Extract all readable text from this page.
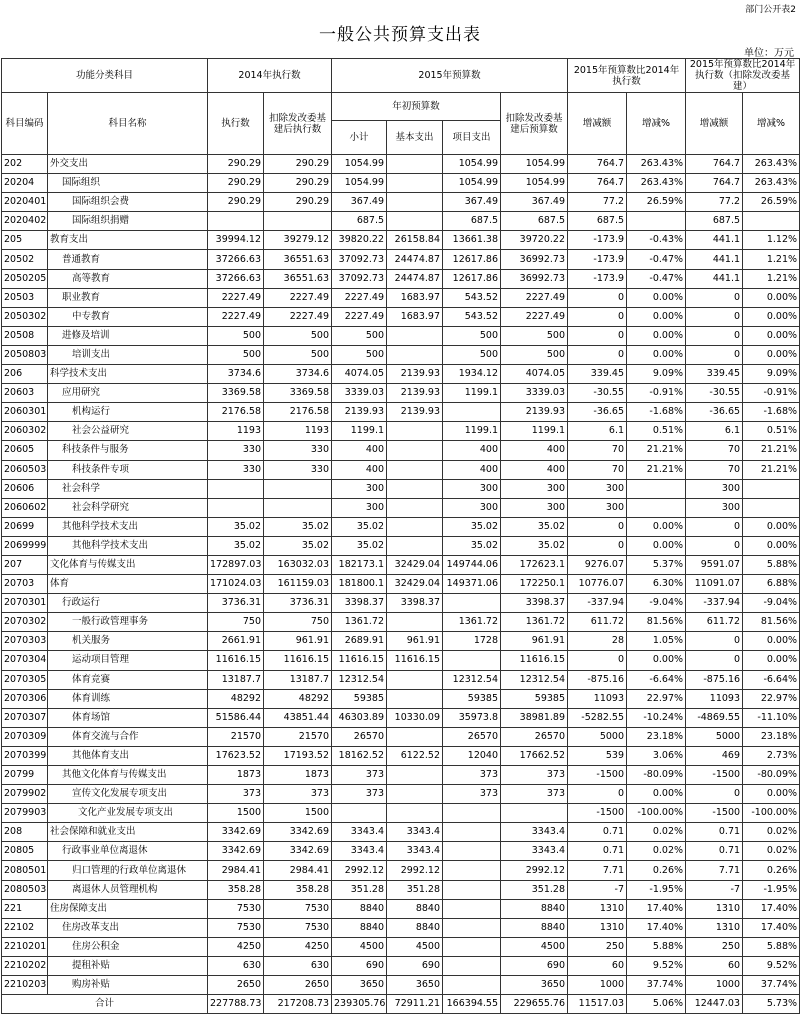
部门公开表2
一般公共预算支出表
单位：万元
功能分类科目		2014年执行数		2015年预算数				2015年预算数比2014年执行数		2015年预算数比2014年执行数（扣除发改委基建）	
科目编码	科目名称	执行数	扣除发改委基建后执行数	年初预算数			扣除发改委基建后预算数	增减额	增减%	增减额	增减%
				小计	基本支出	项目支出					
202	外交支出	290.29	290.29	1054.99		1054.99	1054.99	764.7	263.43%	764.7	263.43%
20204	国际组织	290.29	290.29	1054.99		1054.99	1054.99	764.7	263.43%	764.7	263.43%
2020401	国际组织会费	290.29	290.29	367.49		367.49	367.49	77.2	26.59%	77.2	26.59%
2020402	国际组织捐赠			687.5		687.5	687.5	687.5		687.5	
205	教育支出	39994.12	39279.12	39820.22	26158.84	13661.38	39720.22	-173.9	-0.43%	441.1	1.12%
20502	普通教育	37266.63	36551.63	37092.73	24474.87	12617.86	36992.73	-173.9	-0.47%	441.1	1.21%
2050205	高等教育	37266.63	36551.63	37092.73	24474.87	12617.86	36992.73	-173.9	-0.47%	441.1	1.21%
20503	职业教育	2227.49	2227.49	2227.49	1683.97	543.52	2227.49	0	0.00%	0	0.00%
2050302	中专教育	2227.49	2227.49	2227.49	1683.97	543.52	2227.49	0	0.00%	0	0.00%
20508	进修及培训	500	500	500		500	500	0	0.00%	0	0.00%
2050803	培训支出	500	500	500		500	500	0	0.00%	0	0.00%
206	科学技术支出	3734.6	3734.6	4074.05	2139.93	1934.12	4074.05	339.45	9.09%	339.45	9.09%
20603	应用研究	3369.58	3369.58	3339.03	2139.93	1199.1	3339.03	-30.55	-0.91%	-30.55	-0.91%
2060301	机构运行	2176.58	2176.58	2139.93	2139.93		2139.93	-36.65	-1.68%	-36.65	-1.68%
2060302	社会公益研究	1193	1193	1199.1		1199.1	1199.1	6.1	0.51%	6.1	0.51%
20605	科技条件与服务	330	330	400		400	400	70	21.21%	70	21.21%
2060503	科技条件专项	330	330	400		400	400	70	21.21%	70	21.21%
20606	社会科学			300		300	300	300		300	
2060602	社会科学研究			300		300	300	300		300	
20699	其他科学技术支出	35.02	35.02	35.02		35.02	35.02	0	0.00%	0	0.00%
2069999	其他科学技术支出	35.02	35.02	35.02		35.02	35.02	0	0.00%	0	0.00%
207	文化体育与传媒支出	172897.03	163032.03	182173.1	32429.04	149744.06	172623.1	9276.07	5.37%	9591.07	5.88%
20703	体育	171024.03	161159.03	181800.1	32429.04	149371.06	172250.1	10776.07	6.30%	11091.07	6.88%
2070301	行政运行	3736.31	3736.31	3398.37	3398.37		3398.37	-337.94	-9.04%	-337.94	-9.04%
2070302	一般行政管理事务	750	750	1361.72		1361.72	1361.72	611.72	81.56%	611.72	81.56%
2070303	机关服务	2661.91	961.91	2689.91	961.91	1728	961.91	28	1.05%	0	0.00%
2070304	运动项目管理	11616.15	11616.15	11616.15	11616.15		11616.15	0	0.00%	0	0.00%
2070305	体育竞赛	13187.7	13187.7	12312.54		12312.54	12312.54	-875.16	-6.64%	-875.16	-6.64%
2070306	体育训练	48292	48292	59385		59385	59385	11093	22.97%	11093	22.97%
2070307	体育场馆	51586.44	43851.44	46303.89	10330.09	35973.8	38981.89	-5282.55	-10.24%	-4869.55	-11.10%
2070309	体育交流与合作	21570	21570	26570		26570	26570	5000	23.18%	5000	23.18%
2070399	其他体育支出	17623.52	17193.52	18162.52	6122.52	12040	17662.52	539	3.06%	469	2.73%
20799	其他文化体育与传媒支出	1873	1873	373		373	373	-1500	-80.09%	-1500	-80.09%
2079902	宣传文化发展专项支出	373	373	373		373	373	0	0.00%	0	0.00%
2079903	文化产业发展专项支出	1500	1500					-1500	-100.00%	-1500	-100.00%
208	社会保障和就业支出	3342.69	3342.69	3343.4	3343.4		3343.4	0.71	0.02%	0.71	0.02%
20805	行政事业单位离退休	3342.69	3342.69	3343.4	3343.4		3343.4	0.71	0.02%	0.71	0.02%
2080501	归口管理的行政单位离退休	2984.41	2984.41	2992.12	2992.12		2992.12	7.71	0.26%	7.71	0.26%
2080503	离退休人员管理机构	358.28	358.28	351.28	351.28		351.28	-7	-1.95%	-7	-1.95%
221	住房保障支出	7530	7530	8840	8840		8840	1310	17.40%	1310	17.40%
22102	住房改革支出	7530	7530	8840	8840		8840	1310	17.40%	1310	17.40%
2210201	住房公积金	4250	4250	4500	4500		4500	250	5.88%	250	5.88%
2210202	提租补贴	630	630	690	690		690	60	9.52%	60	9.52%
2210203	购房补贴	2650	2650	3650	3650		3650	1000	37.74%	1000	37.74%
合计		227788.73	217208.73	239305.76	72911.21	166394.55	229655.76	11517.03	5.06%	12447.03	5.73%
